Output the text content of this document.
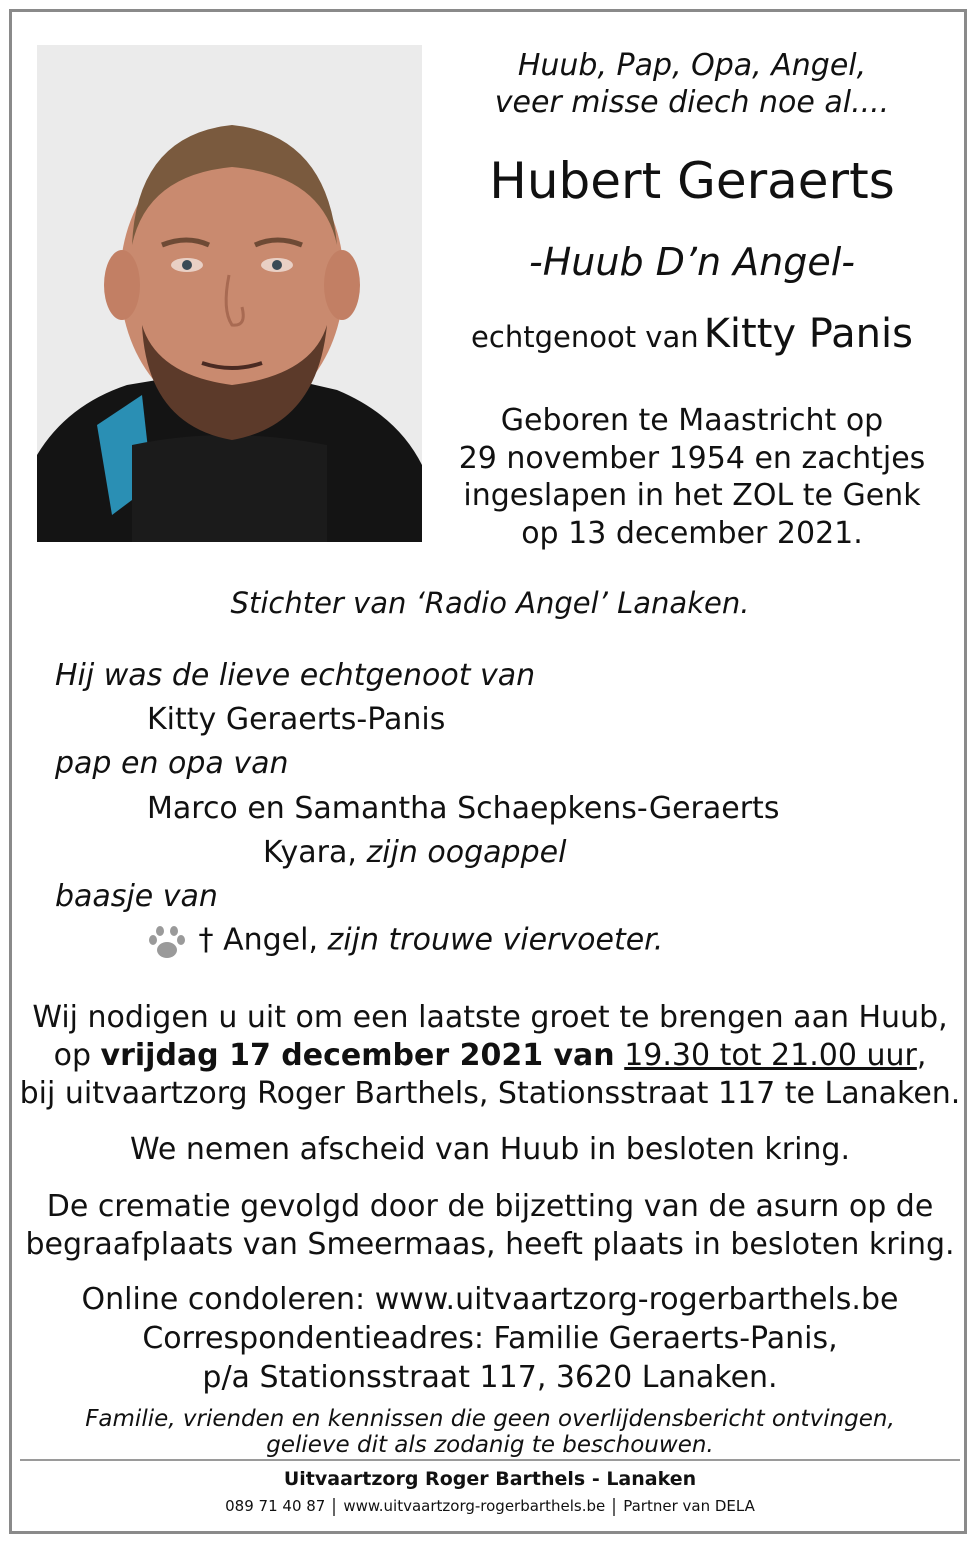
Huub, Pap, Opa, Angel,
veer misse diech noe al....
Hubert Geraerts
-Huub D’n Angel-
echtgenoot van Kitty Panis
Geboren te Maastricht op
29 november 1954 en zachtjes
ingeslapen in het ZOL te Genk
op 13 december 2021.
Stichter van ‘Radio Angel’ Lanaken.
Hij was de lieve echtgenoot van
Kitty Geraerts-Panis
pap en opa van
Marco en Samantha Schaepkens-Geraerts
Kyara, zijn oogappel
baasje van
† Angel, zijn trouwe viervoeter.
Wij nodigen u uit om een laatste groet te brengen aan Huub,
op vrijdag 17 december 2021 van 19.30 tot 21.00 uur,
bij uitvaartzorg Roger Barthels, Stationsstraat 117 te Lanaken.
We nemen afscheid van Huub in besloten kring.
De crematie gevolgd door de bijzetting van de asurn op de
begraafplaats van Smeermaas, heeft plaats in besloten kring.
Online condoleren: www.uitvaartzorg-rogerbarthels.be
Correspondentieadres: Familie Geraerts-Panis,
p/a Stationsstraat 117, 3620 Lanaken.
Familie, vrienden en kennissen die geen overlijdensbericht ontvingen,
gelieve dit als zodanig te beschouwen.
Uitvaartzorg Roger Barthels - Lanaken
089 71 40 87 www.uitvaartzorg-rogerbarthels.be Partner van DELA
